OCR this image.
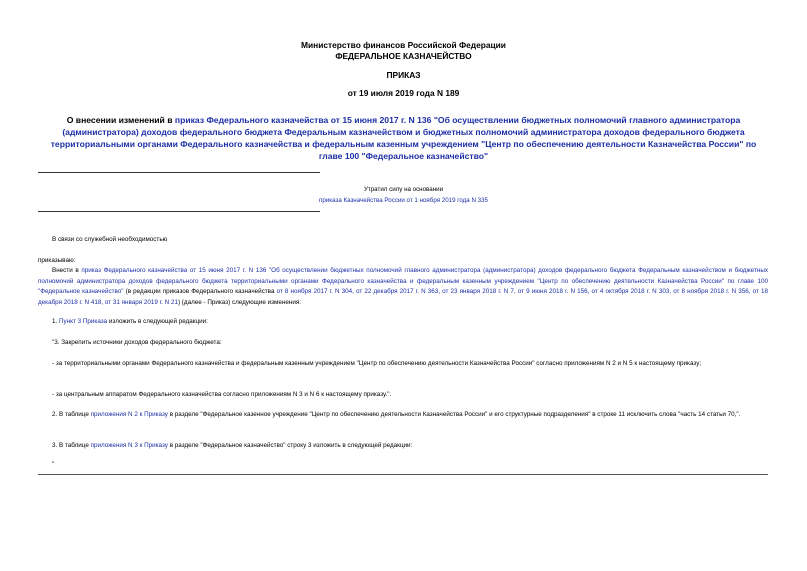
Министерство финансов Российской Федерации
ФЕДЕРАЛЬНОЕ КАЗНАЧЕЙСТВО
ПРИКАЗ
от 19 июля 2019 года N 189
О внесении изменений в приказ Федерального казначейства от 15 июня 2017 г. N 136 "Об осуществлении бюджетных полномочий главного администратора (администратора) доходов федерального бюджета Федеральным казначейством и бюджетных полномочий администратора доходов федерального бюджета территориальными органами Федерального казначейства и федеральным казенным учреждением "Центр по обеспечению деятельности Казначейства России" по главе 100 "Федеральное казначейство"
Утратил силу на основании
приказа Казначейства России от 1 ноября 2019 года N 335
В связи со служебной необходимостью
приказываю:
Внести в приказ Федерального казначейства от 15 июня 2017 г. N 136 "Об осуществлении бюджетных полномочий главного администратора (администратора) доходов федерального бюджета Федеральным казначейством и бюджетных полномочий администратора доходов федерального бюджета территориальными органами Федерального казначейства и федеральным казенным учреждением "Центр по обеспечению деятельности Казначейства России" по главе 100 "Федеральное казначейство" (в редакции приказов Федерального казначейства от 8 ноября 2017 г. N 304, от 22 декабря 2017 г. N 363, от 23 января 2018 г. N 7, от 9 июня 2018 г. N 156, от 4 октября 2018 г. N 303, от 8 ноября 2018 г. N 356, от 18 декабря 2018 г. N 418, от 31 января 2019 г. N 21) (далее - Приказ) следующие изменения:
1. Пункт 3 Приказа изложить в следующей редакции:
"3. Закрепить источники доходов федерального бюджета:
- за территориальными органами Федерального казначейства и федеральным казенным учреждением "Центр по обеспечению деятельности Казначейства России" согласно приложениям N 2 и N 5 к настоящему приказу;
- за центральным аппаратом Федерального казначейства согласно приложениям N 3 и N 6 к настоящему приказу.".
2. В таблице приложения N 2 к Приказу в разделе "Федеральное казенное учреждение "Центр по обеспечению деятельности Казначейства России" и его структурные подразделения" в строке 11 исключить слова "часть 14 статьи 70,".
3. В таблице приложения N 3 к Приказу в разделе "Федеральное казначейство" строку 3 изложить в следующей редакции:
"
